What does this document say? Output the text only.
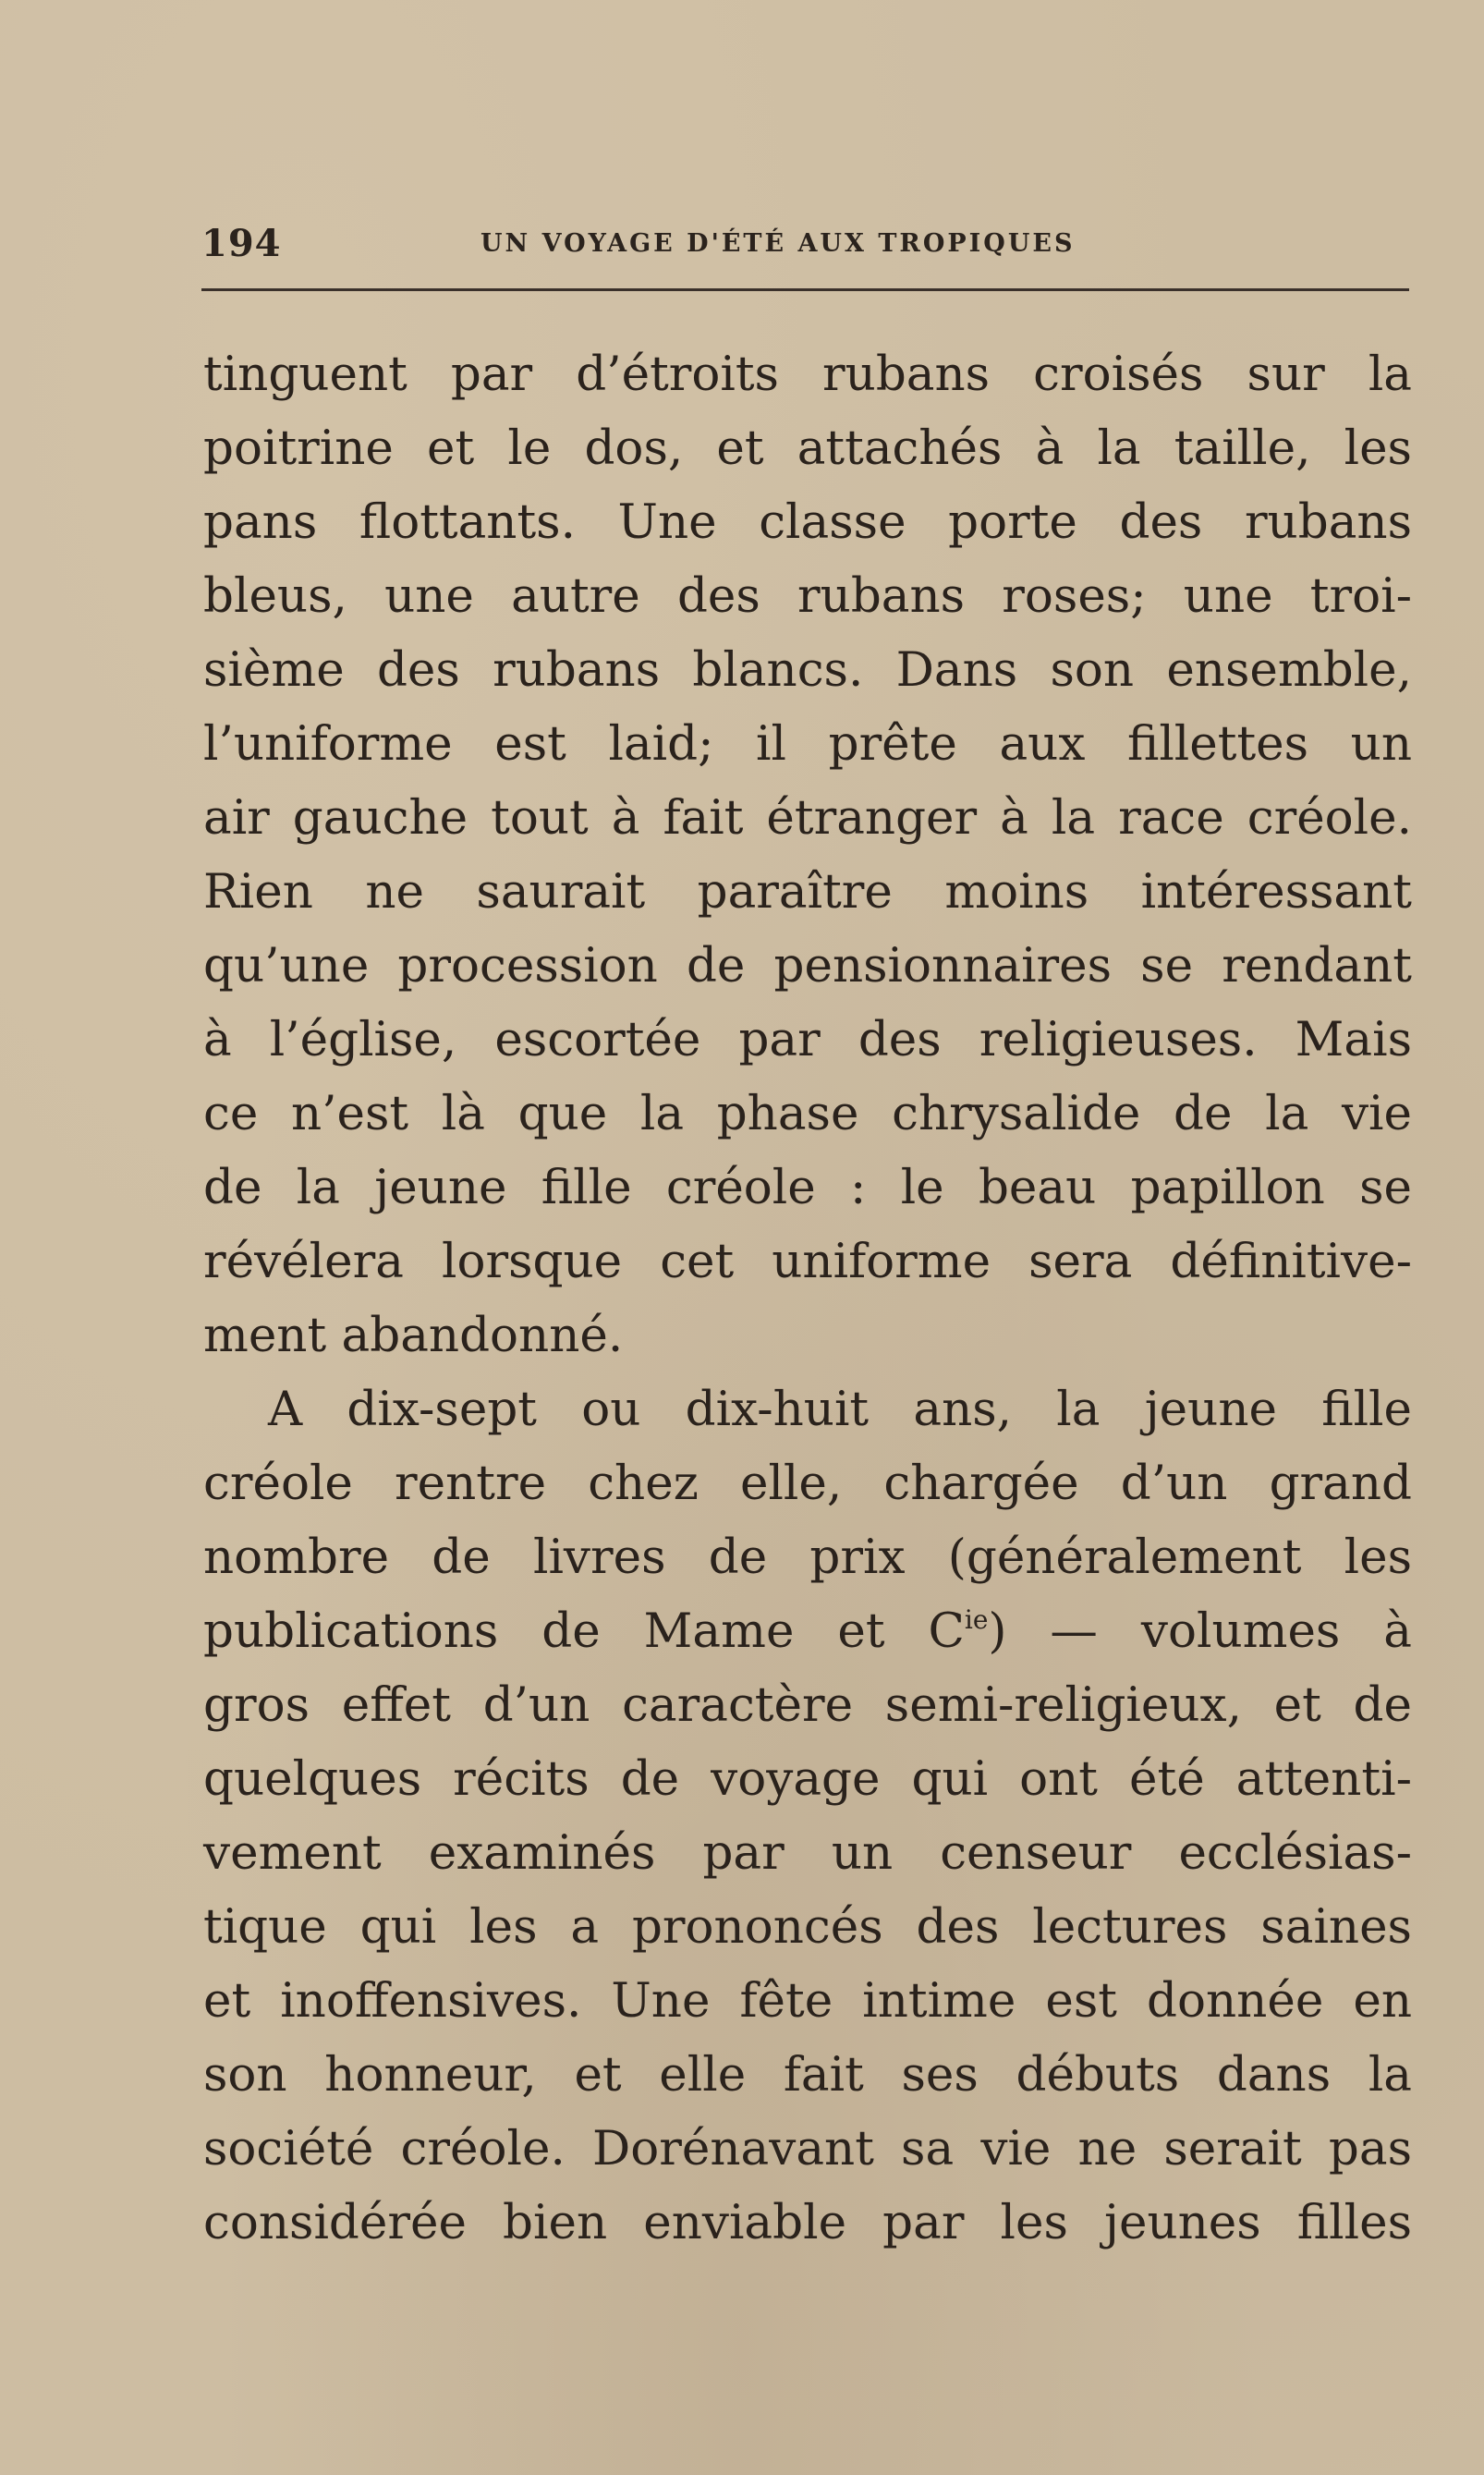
194	UN VOYAGE D'ÉTÉ AUX TROPIQUES
tinguent par d’étroits rubans croisés sur la
poitrine et le dos, et attachés à la taille, les
pans flottants. Une classe porte des rubans
bleus, une autre des rubans roses; une troi-
sième des rubans blancs. Dans son ensemble,
l’uniforme est laid; il prête aux fillettes un
air gauche tout à fait étranger à la race créole.
Rien ne saurait paraître moins intéressant
qu’une procession de pensionnaires se rendant
à l’église, escortée par des religieuses. Mais
ce n’est là que la phase chrysalide de la vie
de la jeune fille créole : le beau papillon se
révélera lorsque cet uniforme sera définitive-
ment abandonné.
A dix-sept ou dix-huit ans, la jeune fille
créole rentre chez elle, chargée d’un grand
nombre de livres de prix (généralement les
publications de Mame et $C^{ie}$) — volumes à
gros effet d’un caractère semi-religieux, et de
quelques récits de voyage qui ont été attenti-
vement examinés par un censeur ecclésias-
tique qui les a prononcés des lectures saines
et inoffensives. Une fête intime est donnée en
son honneur, et elle fait ses débuts dans la
société créole. Dorénavant sa vie ne serait pas
considérée bien enviable par les jeunes filles
